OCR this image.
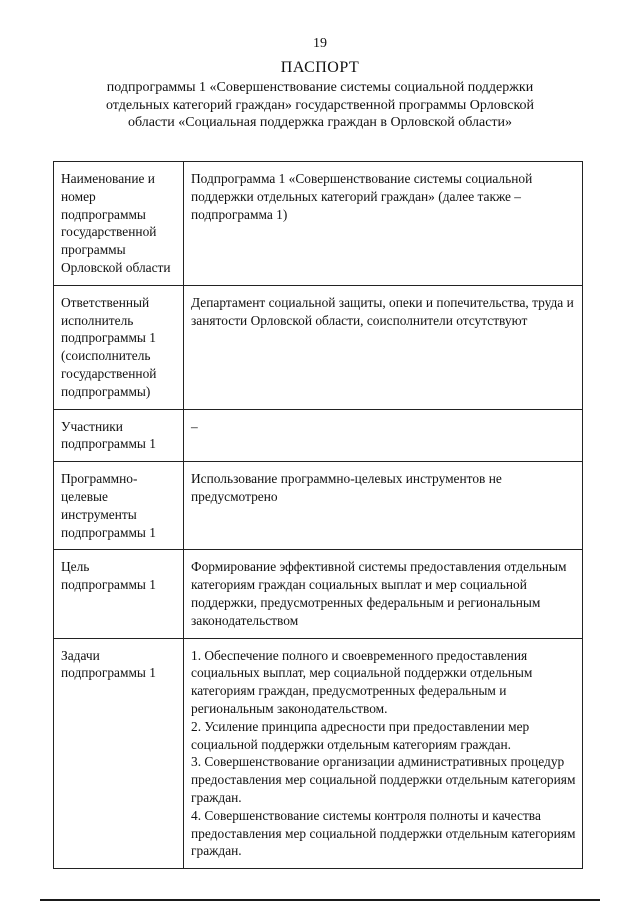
19
ПАСПОРТ
подпрограммы 1 «Совершенствование системы социальной поддержки отдельных категорий граждан» государственной программы Орловской области «Социальная поддержка граждан в Орловской области»
Наименование и номер подпрограммы государственной программы Орловской области	Подпрограмма 1 «Совершенствование системы социальной поддержки отдельных категорий граждан» (далее также – подпрограмма 1)
Ответственный исполнитель подпрограммы 1 (соисполнитель государственной подпрограммы)	Департамент социальной защиты, опеки и попечительства, труда и занятости Орловской области, соисполнители отсутствуют
Участники подпрограммы 1	–
Программно-целевые инструменты подпрограммы 1	Использование программно-целевых инструментов не предусмотрено
Цель подпрограммы 1	Формирование эффективной системы предоставления отдельным категориям граждан социальных выплат и мер социальной поддержки, предусмотренных федеральным и региональным законодательством
Задачи подпрограммы 1	1. Обеспечение полного и своевременного предоставления социальных выплат, мер социальной поддержки отдельным категориям граждан, предусмотренных федеральным и региональным законодательством.
2. Усиление принципа адресности при предоставлении мер социальной поддержки отдельным категориям граждан.
3. Совершенствование организации административных процедур предоставления мер социальной поддержки отдельным категориям граждан.
4. Совершенствование системы контроля полноты и качества предоставления мер социальной поддержки отдельным категориям граждан.
